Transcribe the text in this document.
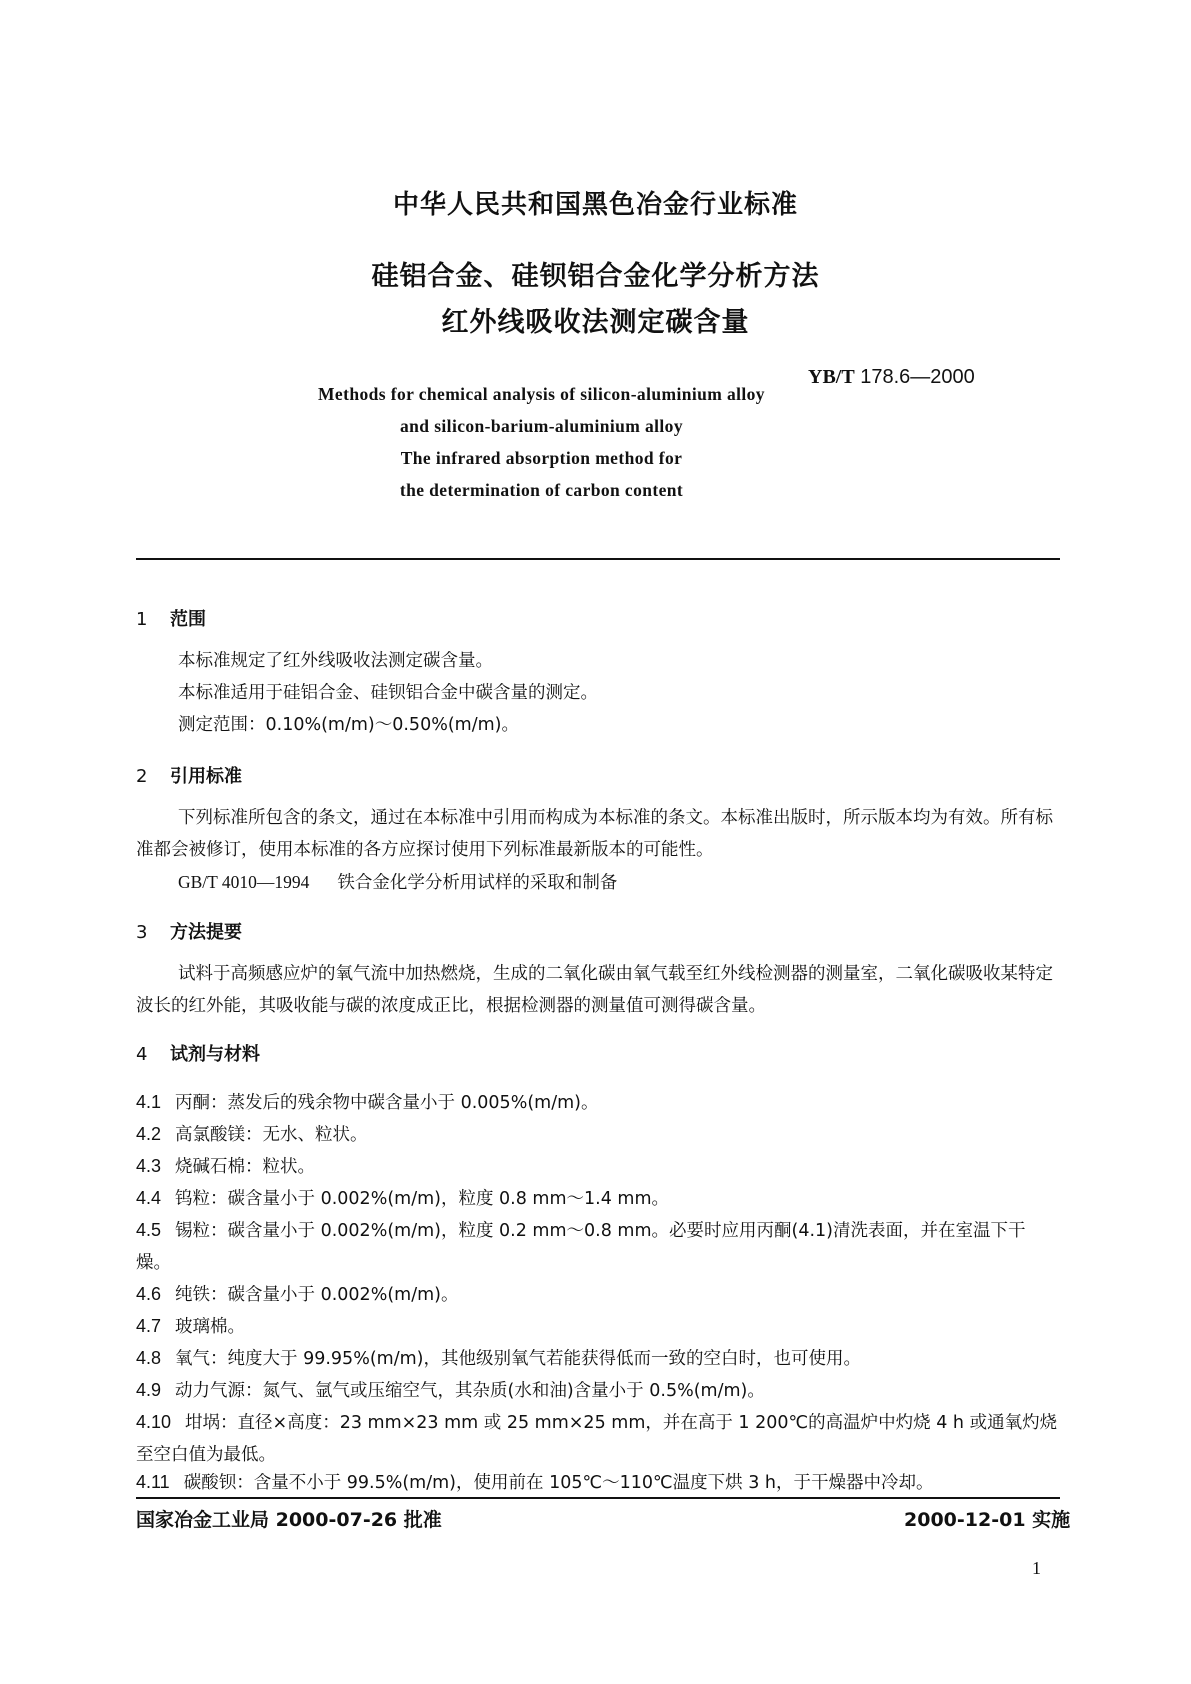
中华人民共和国黑色冶金行业标准
硅铝合金、硅钡铝合金化学分析方法
红外线吸收法测定碳含量
YB/T 178.6—2000
Methods for chemical analysis of silicon-aluminium alloy
and silicon-barium-aluminium alloy
The infrared absorption method for
the determination of carbon content
1 范围
本标准规定了红外线吸收法测定碳含量。
本标准适用于硅铝合金、硅钡铝合金中碳含量的测定。
测定范围：0.10%(m/m)～0.50%(m/m)。
2 引用标准
下列标准所包含的条文，通过在本标准中引用而构成为本标准的条文。本标准出版时，所示版本均为有效。所有标准都会被修订，使用本标准的各方应探讨使用下列标准最新版本的可能性。
GB/T 4010—1994 铁合金化学分析用试样的采取和制备
3 方法提要
试料于高频感应炉的氧气流中加热燃烧，生成的二氧化碳由氧气载至红外线检测器的测量室，二氧化碳吸收某特定波长的红外能，其吸收能与碳的浓度成正比，根据检测器的测量值可测得碳含量。
4 试剂与材料
4.1 丙酮：蒸发后的残余物中碳含量小于 0.005%(m/m)。
4.2 高氯酸镁：无水、粒状。
4.3 烧碱石棉：粒状。
4.4 钨粒：碳含量小于 0.002%(m/m)，粒度 0.8 mm～1.4 mm。
4.5 锡粒：碳含量小于 0.002%(m/m)，粒度 0.2 mm～0.8 mm。必要时应用丙酮(4.1)清洗表面，并在室温下干燥。
4.6 纯铁：碳含量小于 0.002%(m/m)。
4.7 玻璃棉。
4.8 氧气：纯度大于 99.95%(m/m)，其他级别氧气若能获得低而一致的空白时，也可使用。
4.9 动力气源：氮气、氩气或压缩空气，其杂质(水和油)含量小于 0.5%(m/m)。
4.10 坩埚：直径×高度：23 mm×23 mm 或 25 mm×25 mm，并在高于 1 200℃的高温炉中灼烧 4 h 或通氧灼烧至空白值为最低。
4.11 碳酸钡：含量不小于 99.5%(m/m)，使用前在 105℃～110℃温度下烘 3 h，于干燥器中冷却。
国家冶金工业局 2000-07-26 批准	2000-12-01 实施
1
